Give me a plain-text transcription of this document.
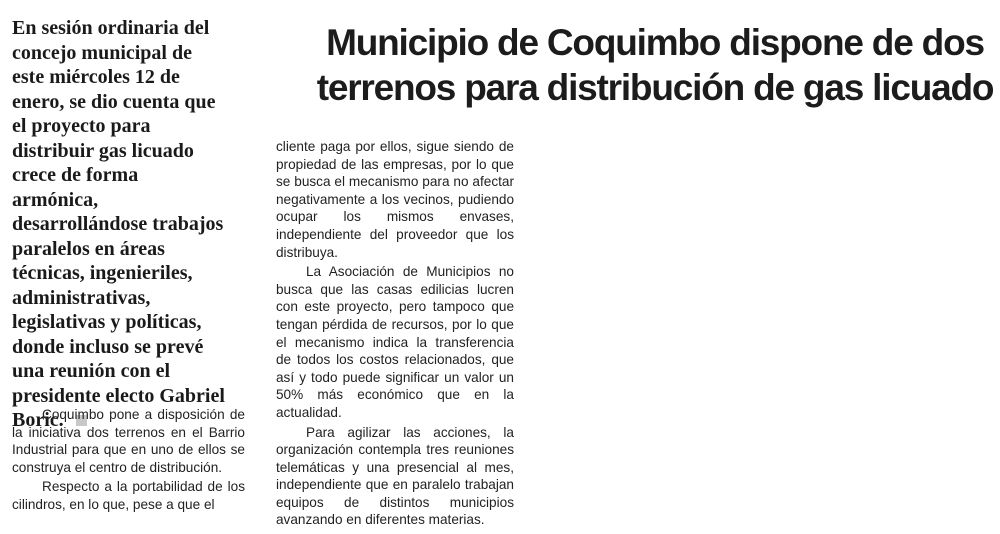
Municipio de Coquimbo dispone de dos terrenos para distribución de gas licuado

En sesión ordinaria del concejo municipal de este miércoles 12 de enero, se dio cuenta que el proyecto para distribuir gas licuado crece de forma armónica, desarrollándose trabajos paralelos en áreas técnicas, ingenieriles, administrativas, legislativas y políticas, donde incluso se prevé una reunión con el presidente electo Gabriel Boric.

Coquimbo pone a disposición de la iniciativa dos terrenos en el Barrio Industrial para que en uno de ellos se construya el centro de distribución.

Respecto a la portabilidad de los cilindros, en lo que, pese a que el

cliente paga por ellos, sigue siendo de propiedad de las empresas, por lo que se busca el mecanismo para no afectar negativamente a los vecinos, pudiendo ocupar los mismos envases, independiente del proveedor que los distribuya.

La Asociación de Municipios no busca que las casas edilicias lucren con este proyecto, pero tampoco que tengan pérdida de recursos, por lo que el mecanismo indica la transferencia de todos los costos relacionados, que así y todo puede significar un valor un 50% más económico que en la actualidad.

Para agilizar las acciones, la organización contempla tres reuniones telemáticas y una presencial al mes, independiente que en paralelo trabajan equipos de distintos municipios avanzando en diferentes materias.
